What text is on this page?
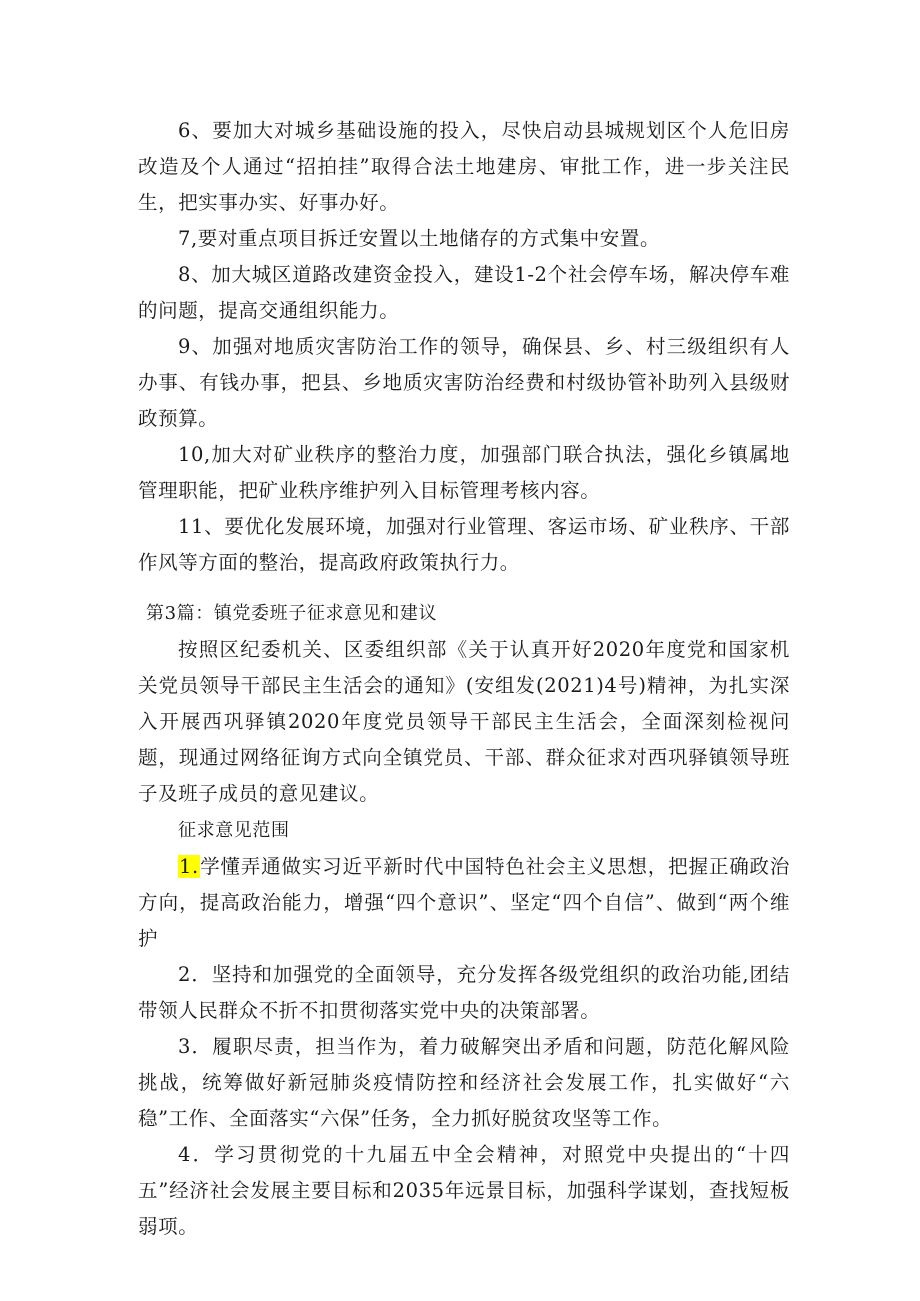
6、要加大对城乡基础设施的投入，尽快启动县城规划区个人危旧房改造及个人通过“招拍挂”取得合法土地建房、审批工作，进一步关注民生，把实事办实、好事办好。

7,要对重点项目拆迁安置以土地储存的方式集中安置。

8、加大城区道路改建资金投入，建设1-2个社会停车场，解决停车难的问题，提高交通组织能力。

9、加强对地质灾害防治工作的领导，确保县、乡、村三级组织有人办事、有钱办事，把县、乡地质灾害防治经费和村级协管补助列入县级财政预算。

10,加大对矿业秩序的整治力度，加强部门联合执法，强化乡镇属地管理职能，把矿业秩序维护列入目标管理考核内容。

11、要优化发展环境，加强对行业管理、客运市场、矿业秩序、干部作风等方面的整治，提高政府政策执行力。

第3篇：镇党委班子征求意见和建议

按照区纪委机关、区委组织部《关于认真开好2020年度党和国家机关党员领导干部民主生活会的通知》(安组发(2021)4号)精神，为扎实深入开展西巩驿镇2020年度党员领导干部民主生活会，全面深刻检视问题，现通过网络征询方式向全镇党员、干部、群众征求对西巩驿镇领导班子及班子成员的意见建议。

征求意见范围

1.学懂弄通做实习近平新时代中国特色社会主义思想，把握正确政治方向，提高政治能力，增强“四个意识”、坚定“四个自信”、做到“两个维护

2．坚持和加强党的全面领导，充分发挥各级党组织的政治功能,团结带领人民群众不折不扣贯彻落实党中央的决策部署。

3．履职尽责，担当作为，着力破解突出矛盾和问题，防范化解风险挑战，统筹做好新冠肺炎疫情防控和经济社会发展工作，扎实做好“六稳”工作、全面落实“六保”任务，全力抓好脱贫攻坚等工作。

4．学习贯彻党的十九届五中全会精神，对照党中央提出的“十四五”经济社会发展主要目标和2035年远景目标，加强科学谋划，查找短板弱项。
